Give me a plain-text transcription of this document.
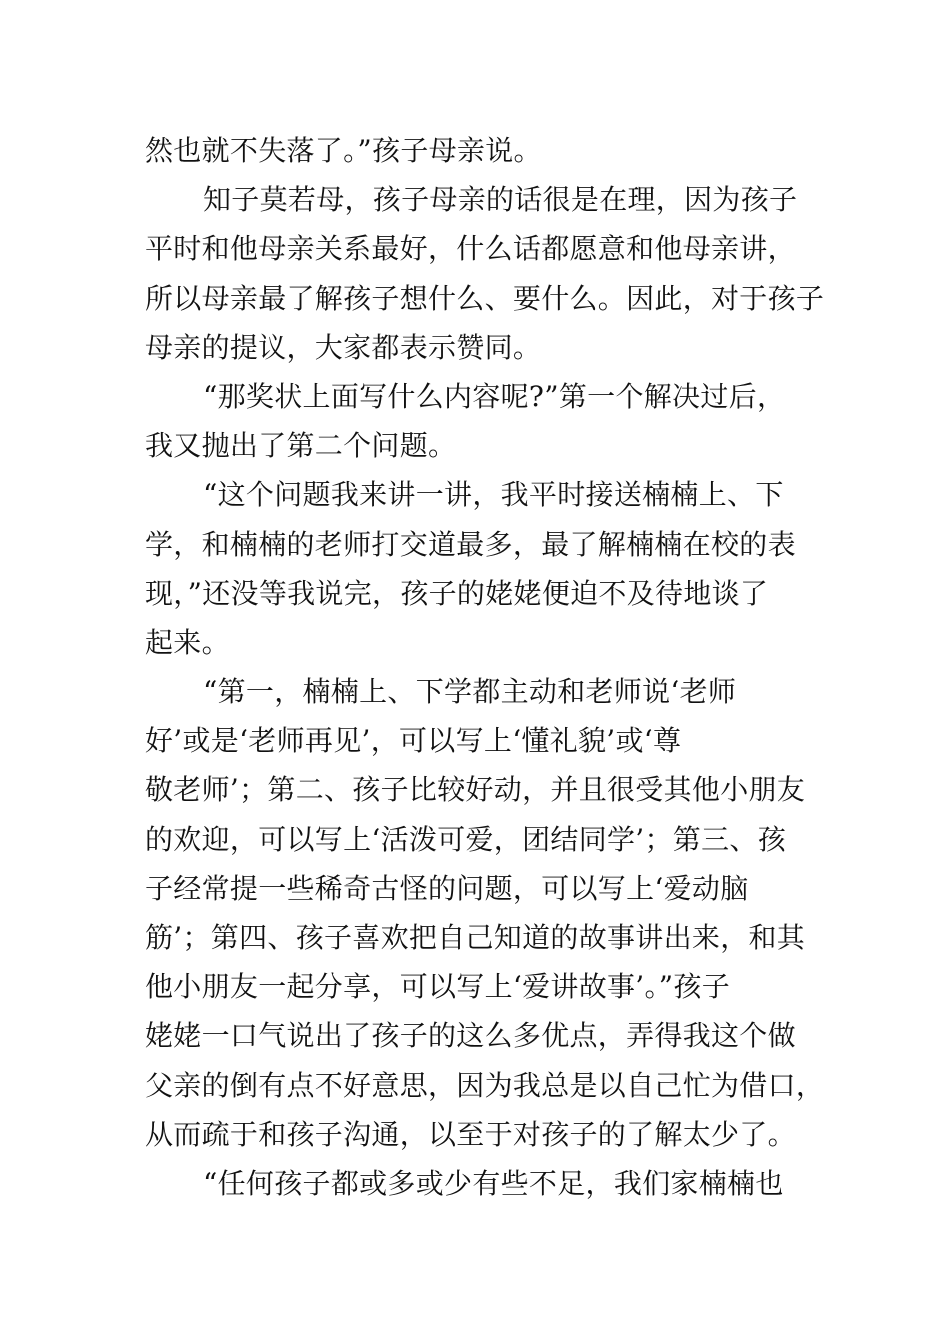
然也就不失落了。”孩子母亲说。
知子莫若母，孩子母亲的话很是在理，因为孩子
平时和他母亲关系最好，什么话都愿意和他母亲讲，
所以母亲最了解孩子想什么、要什么。因此，对于孩子
母亲的提议，大家都表示赞同。
“那奖状上面写什么内容呢?”第一个解决过后，
我又抛出了第二个问题。
“这个问题我来讲一讲，我平时接送楠楠上、下
学，和楠楠的老师打交道最多，最了解楠楠在校的表
现，”还没等我说完，孩子的姥姥便迫不及待地谈了
起来。
“第一，楠楠上、下学都主动和老师说‘老师
好’或是‘老师再见’，可以写上‘懂礼貌’或‘尊
敬老师’；第二、孩子比较好动，并且很受其他小朋友
的欢迎，可以写上‘活泼可爱，团结同学’；第三、孩
子经常提一些稀奇古怪的问题，可以写上‘爱动脑
筋’；第四、孩子喜欢把自己知道的故事讲出来，和其
他小朋友一起分享，可以写上‘爱讲故事’。”孩子
姥姥一口气说出了孩子的这么多优点，弄得我这个做
父亲的倒有点不好意思，因为我总是以自己忙为借口，
从而疏于和孩子沟通，以至于对孩子的了解太少了。
“任何孩子都或多或少有些不足，我们家楠楠也
